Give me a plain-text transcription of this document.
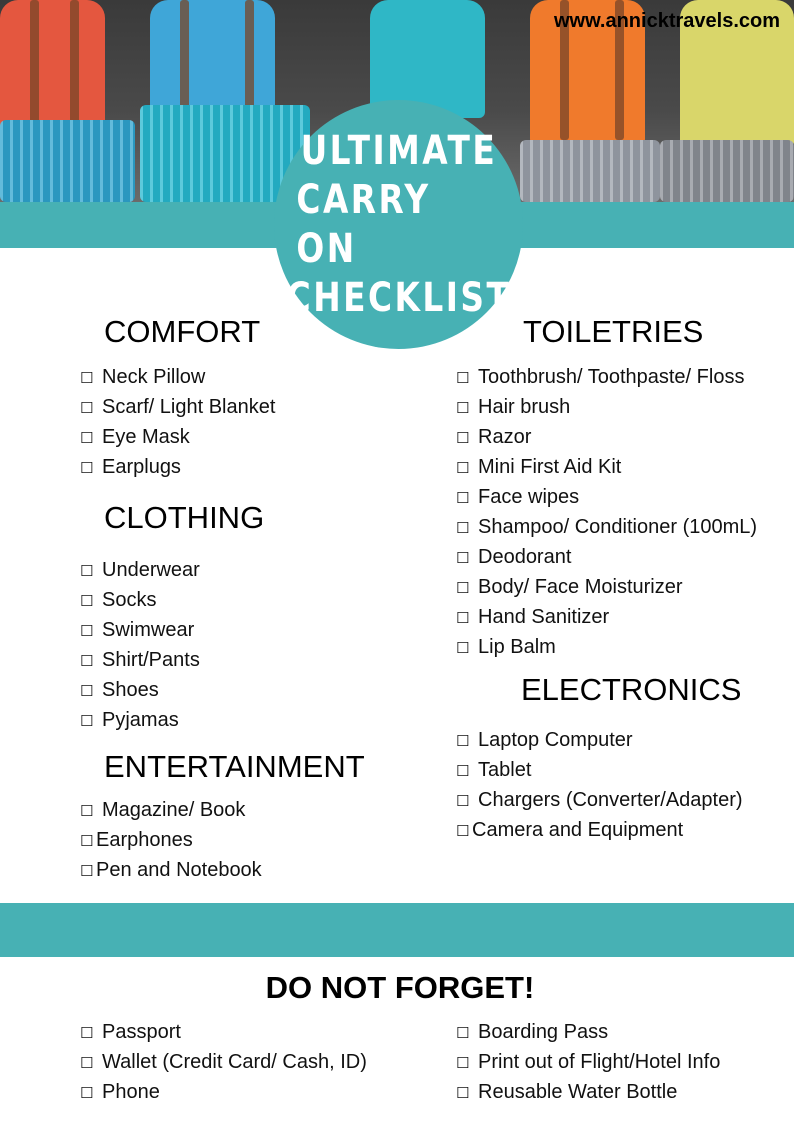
www.annicktravels.com
ULTIMATE
CARRY ON
CHECKLIST
COMFORT
☐ Neck Pillow
☐ Scarf/ Light Blanket
☐ Eye Mask
☐ Earplugs
CLOTHING
☐ Underwear
☐ Socks
☐ Swimwear
☐ Shirt/Pants
☐ Shoes
☐ Pyjamas
ENTERTAINMENT
☐ Magazine/ Book
☐ Earphones
☐ Pen and Notebook
TOILETRIES
☐ Toothbrush/ Toothpaste/ Floss
☐ Hair brush
☐ Razor
☐ Mini First Aid Kit
☐ Face wipes
☐ Shampoo/ Conditioner (100mL)
☐ Deodorant
☐ Body/ Face Moisturizer
☐ Hand Sanitizer
☐ Lip Balm
ELECTRONICS
☐ Laptop Computer
☐ Tablet
☐ Chargers (Converter/Adapter)
☐ Camera and Equipment
DO NOT FORGET!
☐ Passport
☐ Wallet (Credit Card/ Cash, ID)
☐ Phone
☐ Boarding Pass
☐ Print out of Flight/Hotel Info
☐ Reusable Water Bottle
